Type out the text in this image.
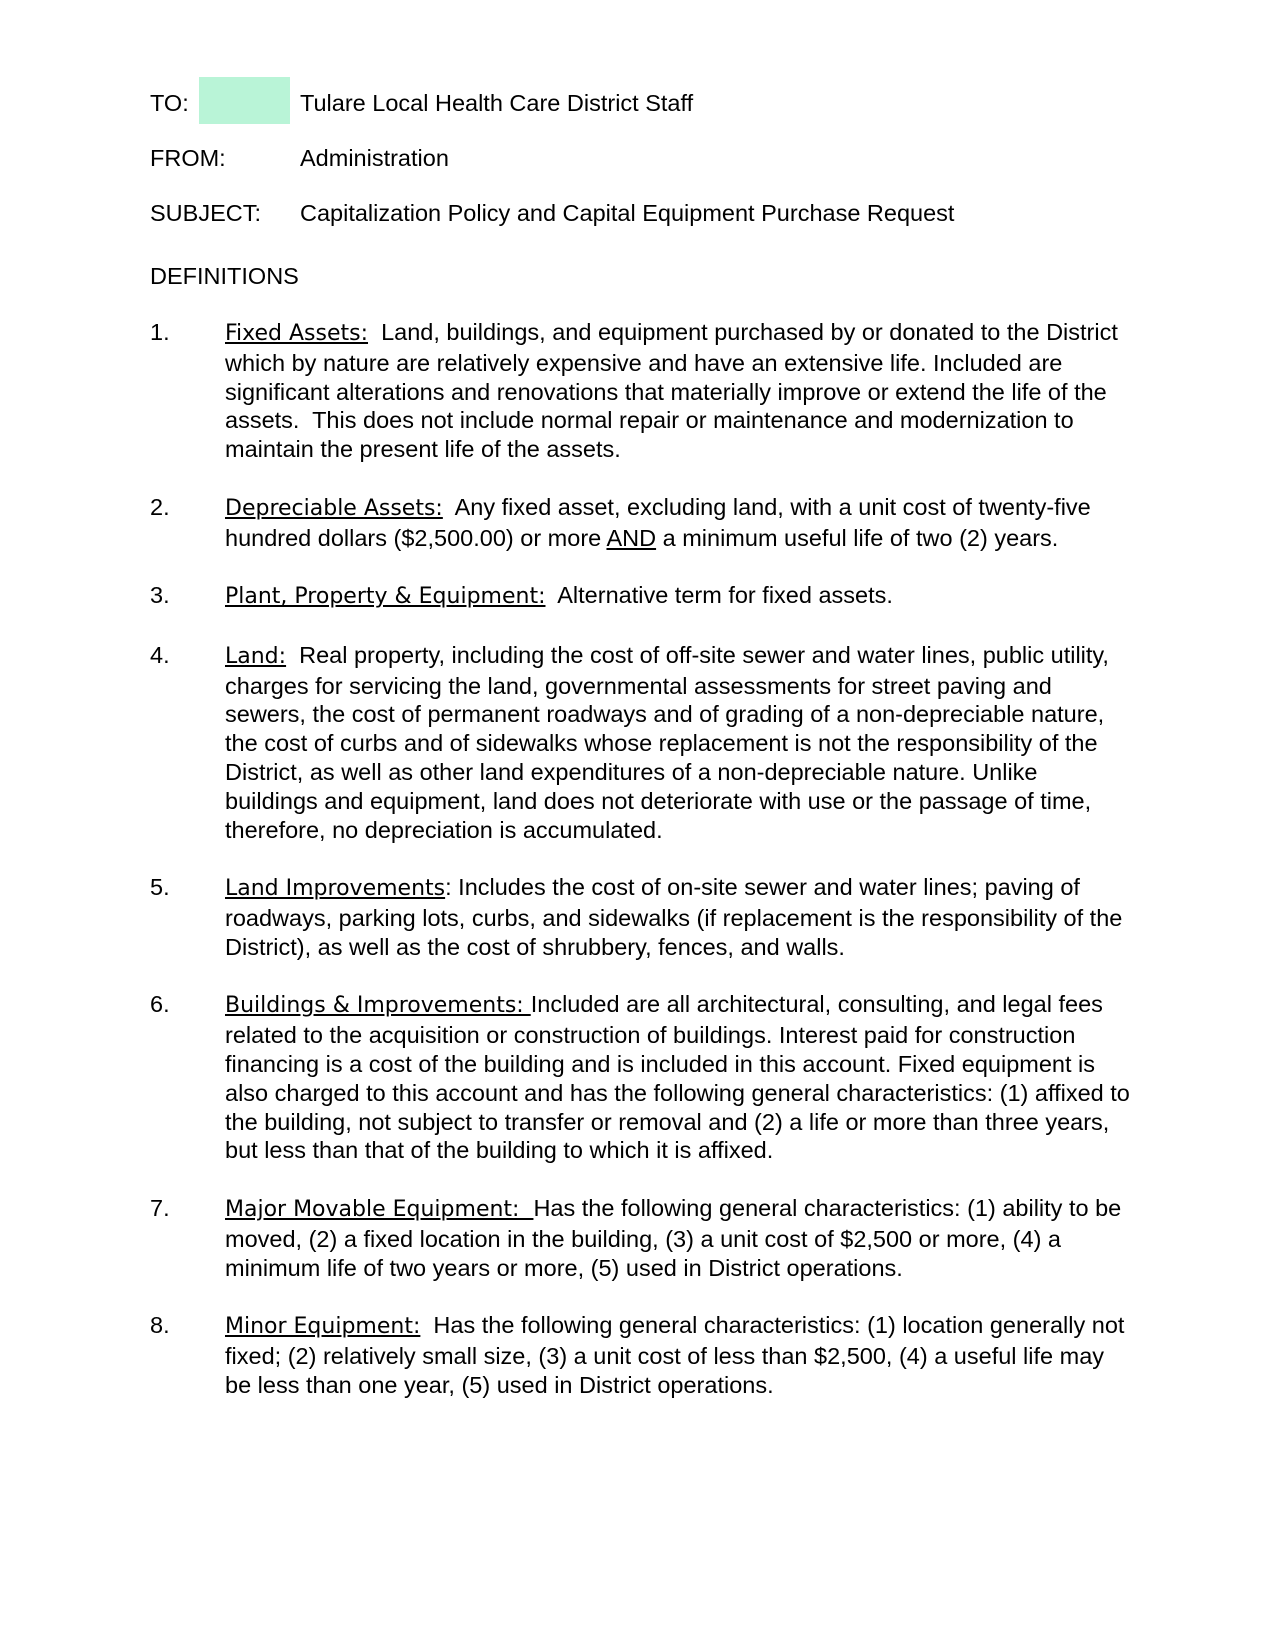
TO:	Tulare Local Health Care District Staff
FROM:	Administration
SUBJECT: Capitalization Policy and Capital Equipment Purchase Request
DEFINITIONS
1.	Fixed Assets:  Land, buildings, and equipment purchased by or donated to the District which by nature are relatively expensive and have an extensive life. Included are significant alterations and renovations that materially improve or extend the life of the assets.  This does not include normal repair or maintenance and modernization to maintain the present life of the assets.
2.	Depreciable Assets:  Any fixed asset, excluding land, with a unit cost of twenty-five hundred dollars ($2,500.00) or more AND a minimum useful life of two (2) years.
3.	Plant, Property & Equipment:  Alternative term for fixed assets.
4.	Land:  Real property, including the cost of off-site sewer and water lines, public utility, charges for servicing the land, governmental assessments for street paving and sewers, the cost of permanent roadways and of grading of a non-depreciable nature, the cost of curbs and of sidewalks whose replacement is not the responsibility of the District, as well as other land expenditures of a non-depreciable nature. Unlike buildings and equipment, land does not deteriorate with use or the passage of time, therefore, no depreciation is accumulated.
5.	Land Improvements: Includes the cost of on-site sewer and water lines; paving of roadways, parking lots, curbs, and sidewalks (if replacement is the responsibility of the District), as well as the cost of shrubbery, fences, and walls.
6.	Buildings & Improvements: Included are all architectural, consulting, and legal fees related to the acquisition or construction of buildings. Interest paid for construction financing is a cost of the building and is included in this account. Fixed equipment is also charged to this account and has the following general characteristics: (1) affixed to the building, not subject to transfer or removal and (2) a life or more than three years, but less than that of the building to which it is affixed.
7.	Major Movable Equipment:  Has the following general characteristics: (1) ability to be moved, (2) a fixed location in the building, (3) a unit cost of $2,500 or more, (4) a minimum life of two years or more, (5) used in District operations.
8.	Minor Equipment:  Has the following general characteristics: (1) location generally not fixed; (2) relatively small size, (3) a unit cost of less than $2,500, (4) a useful life may be less than one year, (5) used in District operations.
